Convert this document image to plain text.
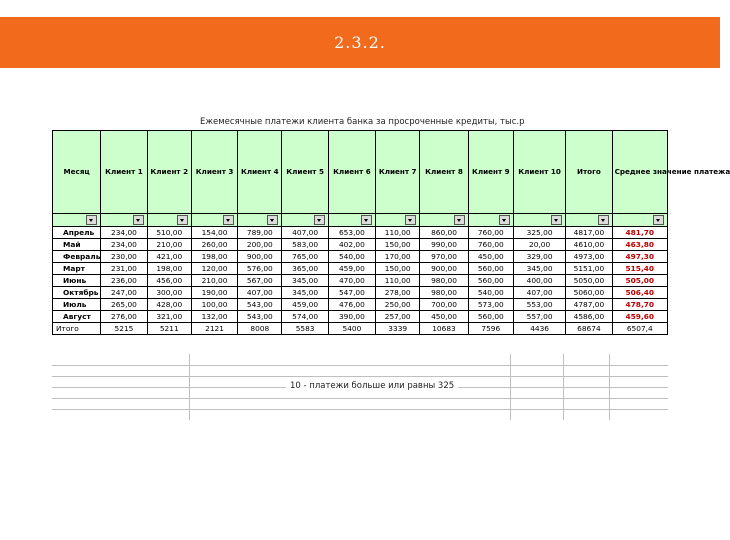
2.3.2.
Ежемесячные платежи клиента банка за просроченные кредиты, тыс.р
Месяц	Клиент 1	Клиент 2	Клиент 3	Клиент 4	Клиент 5	Клиент 6	Клиент 7	Клиент 8	Клиент 9	Клиент 10	Итого	Среднее значение платежа

Апрель	234,00	510,00	154,00	789,00	407,00	653,00	110,00	860,00	760,00	325,00	4817,00	481,70
Май	234,00	210,00	260,00	200,00	583,00	402,00	150,00	990,00	760,00	20,00	4610,00	463,80
Февраль	230,00	421,00	198,00	900,00	765,00	540,00	170,00	970,00	450,00	329,00	4973,00	497,30
Март	231,00	198,00	120,00	576,00	365,00	459,00	150,00	900,00	560,00	345,00	5151,00	515,40
Июнь	236,00	456,00	210,00	567,00	345,00	470,00	110,00	980,00	560,00	400,00	5050,00	505,00
Октябрь	247,00	300,00	190,00	407,00	345,00	547,00	278,00	980,00	540,00	407,00	5060,00	506,40
Июль	265,00	428,00	100,00	543,00	459,00	476,00	250,00	700,00	573,00	553,00	4787,00	478,70
Август	276,00	321,00	132,00	543,00	574,00	390,00	257,00	450,00	560,00	557,00	4586,00	459,60
Итого	5215	5211	2121	8008	5583	5400	3339	10683	7596	4436	68674	6507,4
10 - платежи больше или равны 325
